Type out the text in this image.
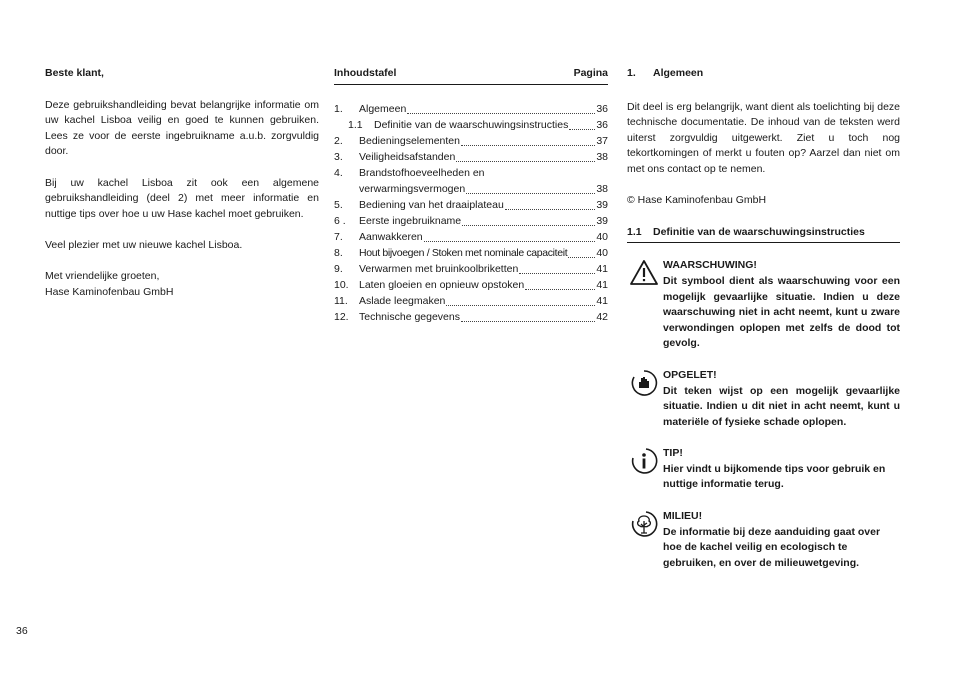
Beste klant,

Deze gebruikshandleiding bevat belangrijke informatie om uw kachel Lisboa veilig en goed te kunnen gebruiken. Lees ze voor de eerste ingebruikname a.u.b. zorgvuldig door.

Bij uw kachel Lisboa zit ook een algemene gebruikshandleiding (deel 2) met meer informatie en nuttige tips over hoe u uw Hase kachel moet gebruiken.

Veel plezier met uw nieuwe kachel Lisboa.

Met vriendelijke groeten,
Hase Kaminofenbau GmbH
Inhoudstafel	Pagina
1.	Algemeen	36
1.1	Definitie van de waarschuwingsinstructies	36
2.	Bedieningselementen	37
3.	Veiligheidsafstanden	38
4.	Brandstofhoeveelheden en
verwarmingsvermogen	38
5.	Bediening van het draaiplateau	39
6 .	Eerste ingebruikname	39
7.	Aanwakkeren	40
8.	Hout bijvoegen / Stoken met nominale capaciteit	40
9.	Verwarmen met bruinkoolbriketten	41
10. Laten gloeien en opnieuw opstoken	41
11.	Aslade leegmaken	41
12. Technische gegevens	42
1.	Algemeen

Dit deel is erg belangrijk, want dient als toelichting bij deze technische documentatie. De inhoud van de teksten werd uiterst zorgvuldig uitgewerkt. Ziet u toch nog tekortkomingen of merkt u fouten op? Aarzel dan niet om met ons contact op te nemen.

© Hase Kaminofenbau GmbH

1.1	Definitie van de waarschuwingsinstructies
WAARSCHUWING!
Dit symbool dient als waarschuwing voor een mogelijk gevaarlijke situatie. Indien u deze waarschuwing niet in acht neemt, kunt u zware verwondingen oplopen met zelfs de dood tot gevolg.
OPGELET!
Dit teken wijst op een mogelijk gevaarlijke situatie. Indien u dit niet in acht neemt, kunt u materiële of fysieke schade oplopen.
TIP!
Hier vindt u bijkomende tips voor gebruik en nuttige informatie terug.
MILIEU!
De informatie bij deze aanduiding gaat over hoe de kachel veilig en ecologisch te gebruiken, en over de milieuwetgeving.
36
